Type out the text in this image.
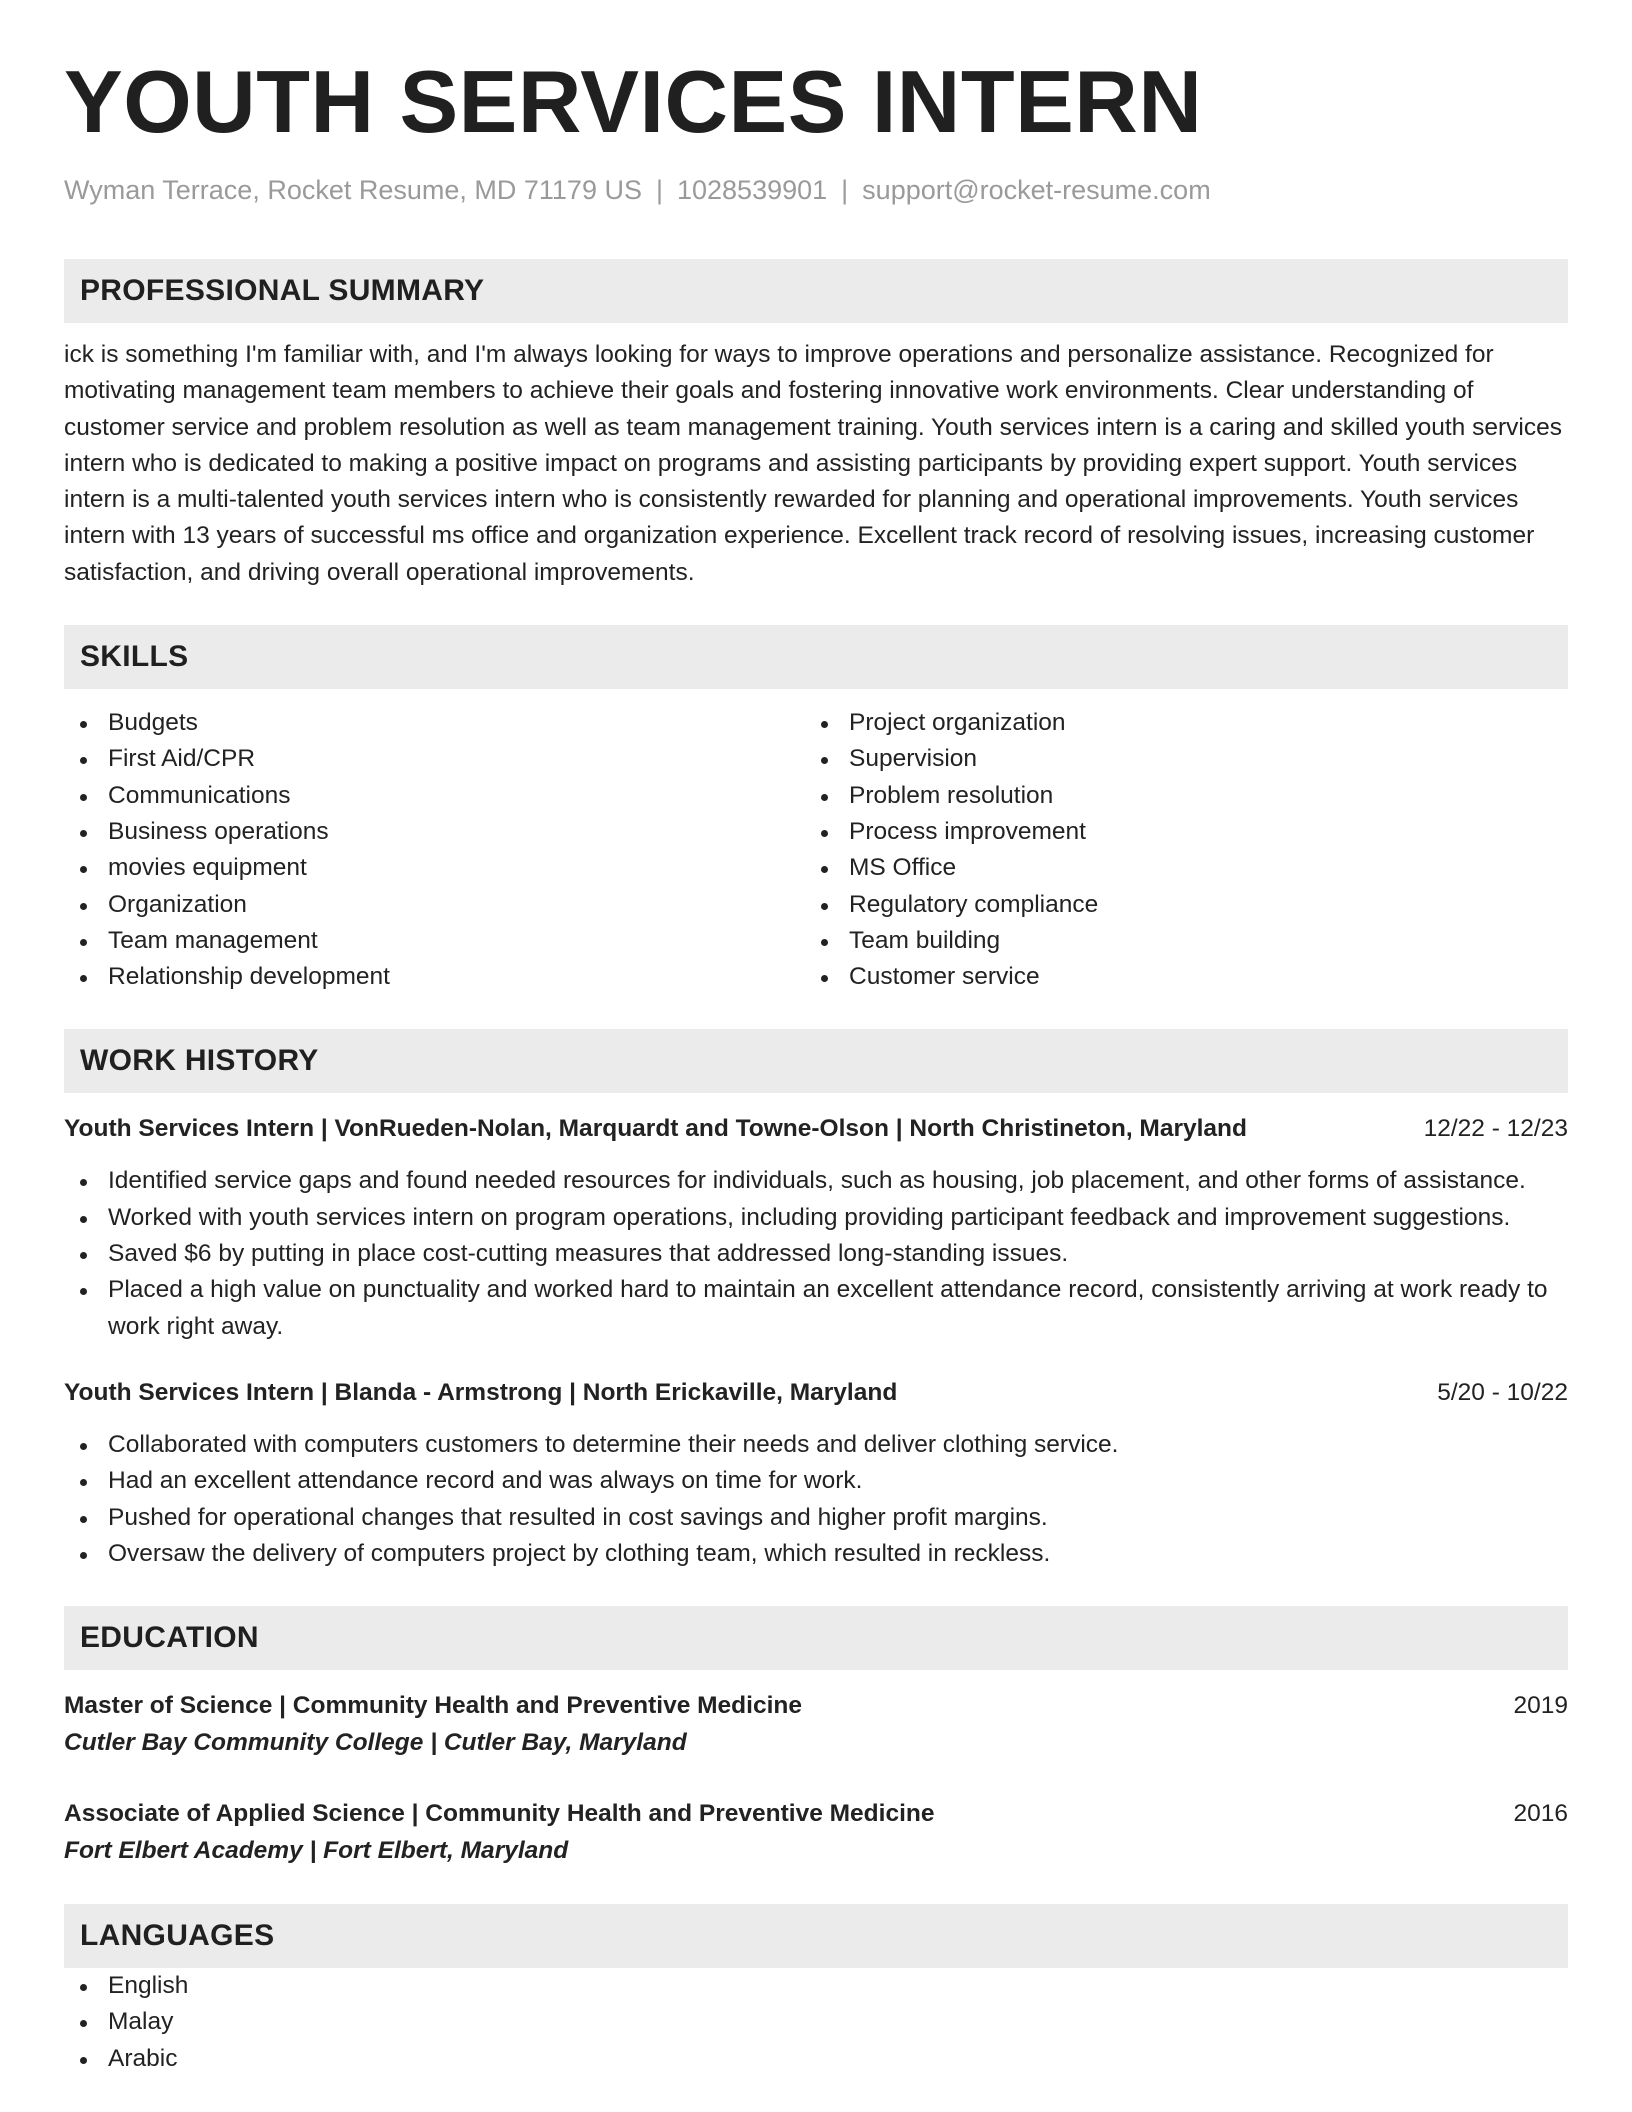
YOUTH SERVICES INTERN
Wyman Terrace, Rocket Resume, MD 71179 US | 1028539901 | support@rocket-resume.com
PROFESSIONAL SUMMARY
ick is something I'm familiar with, and I'm always looking for ways to improve operations and personalize assistance. Recognized for motivating management team members to achieve their goals and fostering innovative work environments. Clear understanding of customer service and problem resolution as well as team management training. Youth services intern is a caring and skilled youth services intern who is dedicated to making a positive impact on programs and assisting participants by providing expert support. Youth services intern is a multi-talented youth services intern who is consistently rewarded for planning and operational improvements. Youth services intern with 13 years of successful ms office and organization experience. Excellent track record of resolving issues, increasing customer satisfaction, and driving overall operational improvements.
SKILLS
Budgets
First Aid/CPR
Communications
Business operations
movies equipment
Organization
Team management
Relationship development
Project organization
Supervision
Problem resolution
Process improvement
MS Office
Regulatory compliance
Team building
Customer service
WORK HISTORY
Youth Services Intern | VonRueden-Nolan, Marquardt and Towne-Olson | North Christineton, Maryland	12/22 - 12/23
Identified service gaps and found needed resources for individuals, such as housing, job placement, and other forms of assistance.
Worked with youth services intern on program operations, including providing participant feedback and improvement suggestions.
Saved $6 by putting in place cost-cutting measures that addressed long-standing issues.
Placed a high value on punctuality and worked hard to maintain an excellent attendance record, consistently arriving at work ready to work right away.
Youth Services Intern | Blanda - Armstrong | North Erickaville, Maryland	5/20 - 10/22
Collaborated with computers customers to determine their needs and deliver clothing service.
Had an excellent attendance record and was always on time for work.
Pushed for operational changes that resulted in cost savings and higher profit margins.
Oversaw the delivery of computers project by clothing team, which resulted in reckless.
EDUCATION
Master of Science | Community Health and Preventive Medicine	2019
Cutler Bay Community College | Cutler Bay, Maryland
Associate of Applied Science | Community Health and Preventive Medicine	2016
Fort Elbert Academy | Fort Elbert, Maryland
LANGUAGES
English
Malay
Arabic
